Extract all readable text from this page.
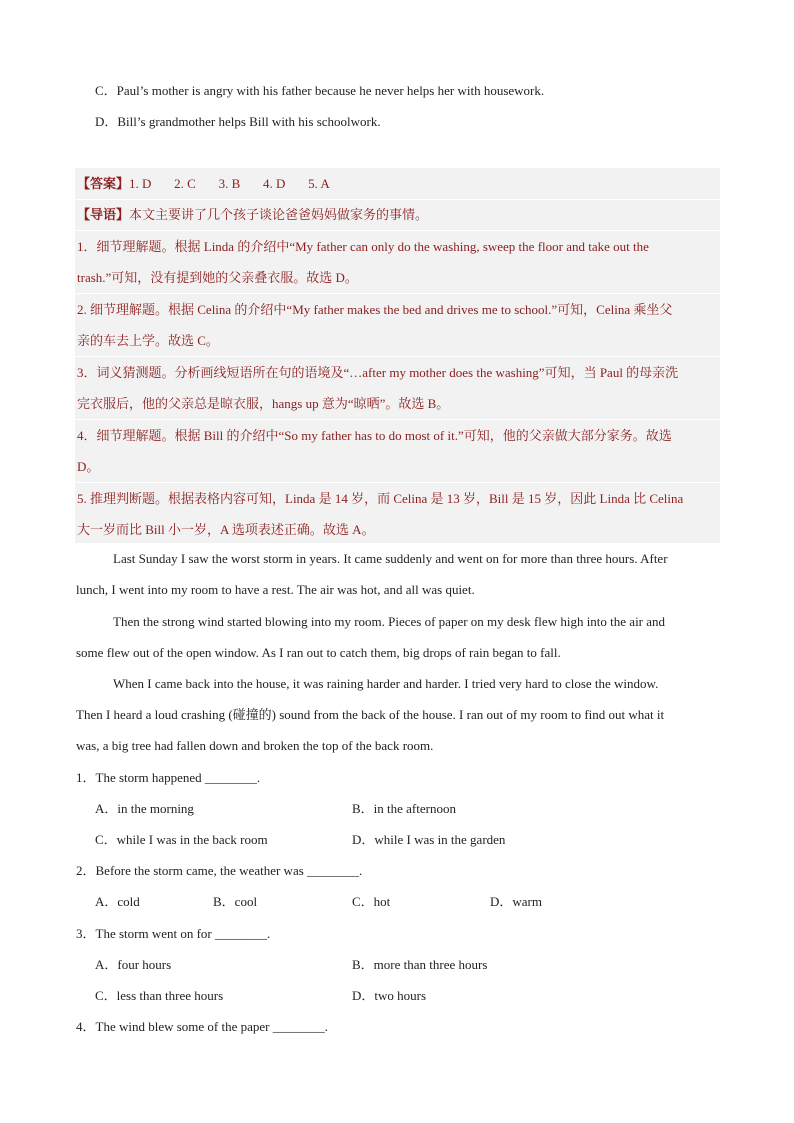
C．Paul’s mother is angry with his father because he never helps her with housework.
D．Bill’s grandmother helps Bill with his schoolwork.
【答案】1. D       2. C       3. B       4. D       5. A
【导语】本文主要讲了几个孩子谈论爸爸妈妈做家务的事情。
1．细节理解题。根据 Linda 的介绍中“My father can only do the washing, sweep the floor and take out the
trash.”可知，没有提到她的父亲叠衣服。故选 D。
2. 细节理解题。根据 Celina 的介绍中“My father makes the bed and drives me to school.”可知，Celina 乘坐父
亲的车去上学。故选 C。
3．词义猜测题。分析画线短语所在句的语境及“…after my mother does the washing”可知，当 Paul 的母亲洗
完衣服后，他的父亲总是晾衣服，hangs up 意为“晾晒”。故选 B。
4．细节理解题。根据 Bill 的介绍中“So my father has to do most of it.”可知，他的父亲做大部分家务。故选
D。
5. 推理判断题。根据表格内容可知，Linda 是 14 岁，而 Celina 是 13 岁，Bill 是 15 岁，因此 Linda 比 Celina
大一岁而比 Bill 小一岁，A 选项表述正确。故选 A。
Last Sunday I saw the worst storm in years. It came suddenly and went on for more than three hours. After
lunch, I went into my room to have a rest. The air was hot, and all was quiet.
Then the strong wind started blowing into my room. Pieces of paper on my desk flew high into the air and
some flew out of the open window. As I ran out to catch them, big drops of rain began to fall.
When I came back into the house, it was raining harder and harder. I tried very hard to close the window.
Then I heard a loud crashing (碰撞的) sound from the back of the house. I ran out of my room to find out what it
was, a big tree had fallen down and broken the top of the back room.
1．The storm happened ________.
A．in the morning	B．in the afternoon
C．while I was in the back room	D．while I was in the garden
2．Before the storm came, the weather was ________.
A．cold	B．cool	C．hot	D．warm
3．The storm went on for ________.
A．four hours	B．more than three hours
C．less than three hours	D．two hours
4．The wind blew some of the paper ________.
